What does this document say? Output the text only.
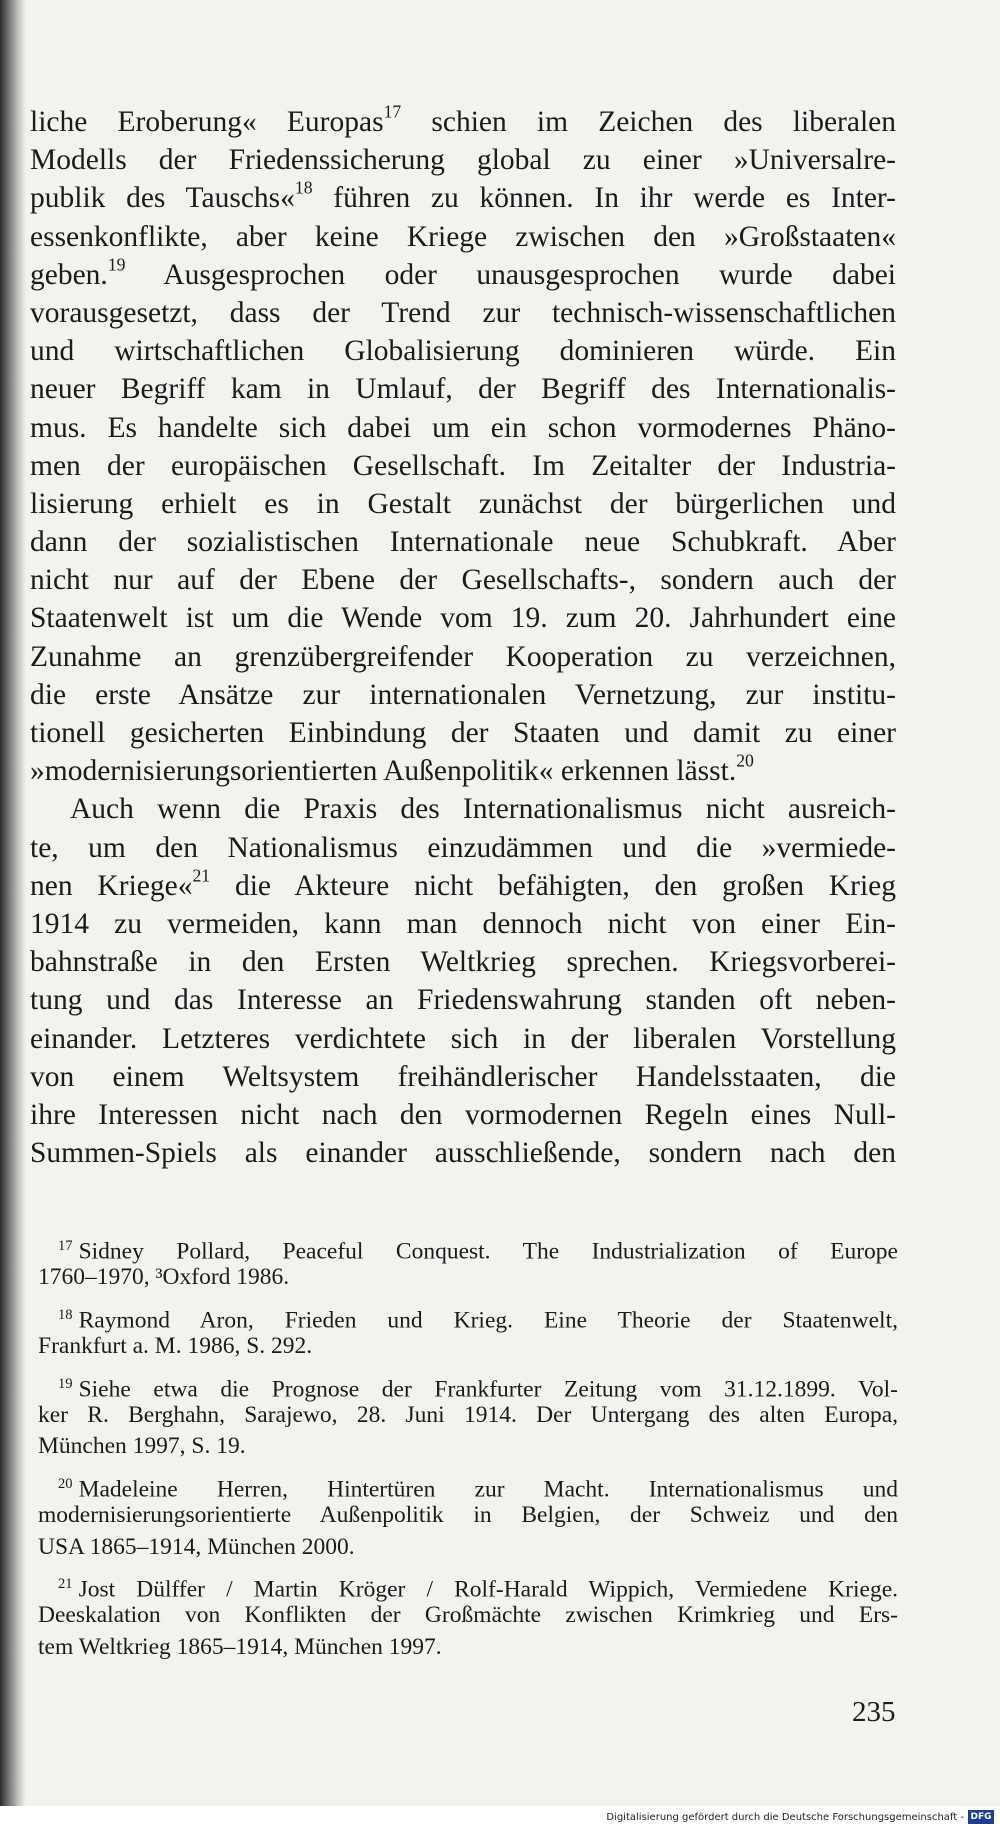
liche Eroberung« Europas$^{17}$ schien im Zeichen des liberalen
Modells der Friedenssicherung global zu einer »Universalre-
publik des Tauschs«$^{18}$ führen zu können. In ihr werde es Inter-
essenkonflikte, aber keine Kriege zwischen den »Großstaaten«
geben.$^{19}$ Ausgesprochen oder unausgesprochen wurde dabei
vorausgesetzt, dass der Trend zur technisch-wissenschaftlichen
und wirtschaftlichen Globalisierung dominieren würde. Ein
neuer Begriff kam in Umlauf, der Begriff des Internationalis-
mus. Es handelte sich dabei um ein schon vormodernes Phäno-
men der europäischen Gesellschaft. Im Zeitalter der Industria-
lisierung erhielt es in Gestalt zunächst der bürgerlichen und
dann der sozialistischen Internationale neue Schubkraft. Aber
nicht nur auf der Ebene der Gesellschafts-, sondern auch der
Staatenwelt ist um die Wende vom 19. zum 20. Jahrhundert eine
Zunahme an grenzübergreifender Kooperation zu verzeichnen,
die erste Ansätze zur internationalen Vernetzung, zur institu-
tionell gesicherten Einbindung der Staaten und damit zu einer
»modernisierungsorientierten Außenpolitik« erkennen lässt.$^{20}$
Auch wenn die Praxis des Internationalismus nicht ausreich-
te, um den Nationalismus einzudämmen und die »vermiede-
nen Kriege«$^{21}$ die Akteure nicht befähigten, den großen Krieg
1914 zu vermeiden, kann man dennoch nicht von einer Ein-
bahnstraße in den Ersten Weltkrieg sprechen. Kriegsvorberei-
tung und das Interesse an Friedenswahrung standen oft neben-
einander. Letzteres verdichtete sich in der liberalen Vorstellung
von einem Weltsystem freihändlerischer Handelsstaaten, die
ihre Interessen nicht nach den vormodernen Regeln eines Null-
Summen-Spiels als einander ausschließende, sondern nach den
$^{17}$ Sidney Pollard, Peaceful Conquest. The Industrialization of Europe
1760–1970, ³Oxford 1986.
$^{18}$ Raymond Aron, Frieden und Krieg. Eine Theorie der Staatenwelt,
Frankfurt a. M. 1986, S. 292.
$^{19}$ Siehe etwa die Prognose der Frankfurter Zeitung vom 31.12.1899. Vol-
ker R. Berghahn, Sarajewo, 28. Juni 1914. Der Untergang des alten Europa,
München 1997, S. 19.
$^{20}$ Madeleine Herren, Hintertüren zur Macht. Internationalismus und
modernisierungsorientierte Außenpolitik in Belgien, der Schweiz und den
USA 1865–1914, München 2000.
$^{21}$ Jost Dülffer / Martin Kröger / Rolf-Harald Wippich, Vermiedene Kriege.
Deeskalation von Konflikten der Großmächte zwischen Krimkrieg und Ers-
tem Weltkrieg 1865–1914, München 1997.
235
Digitalisierung gefördert durch die Deutsche Forschungsgemeinschaft - DFG
